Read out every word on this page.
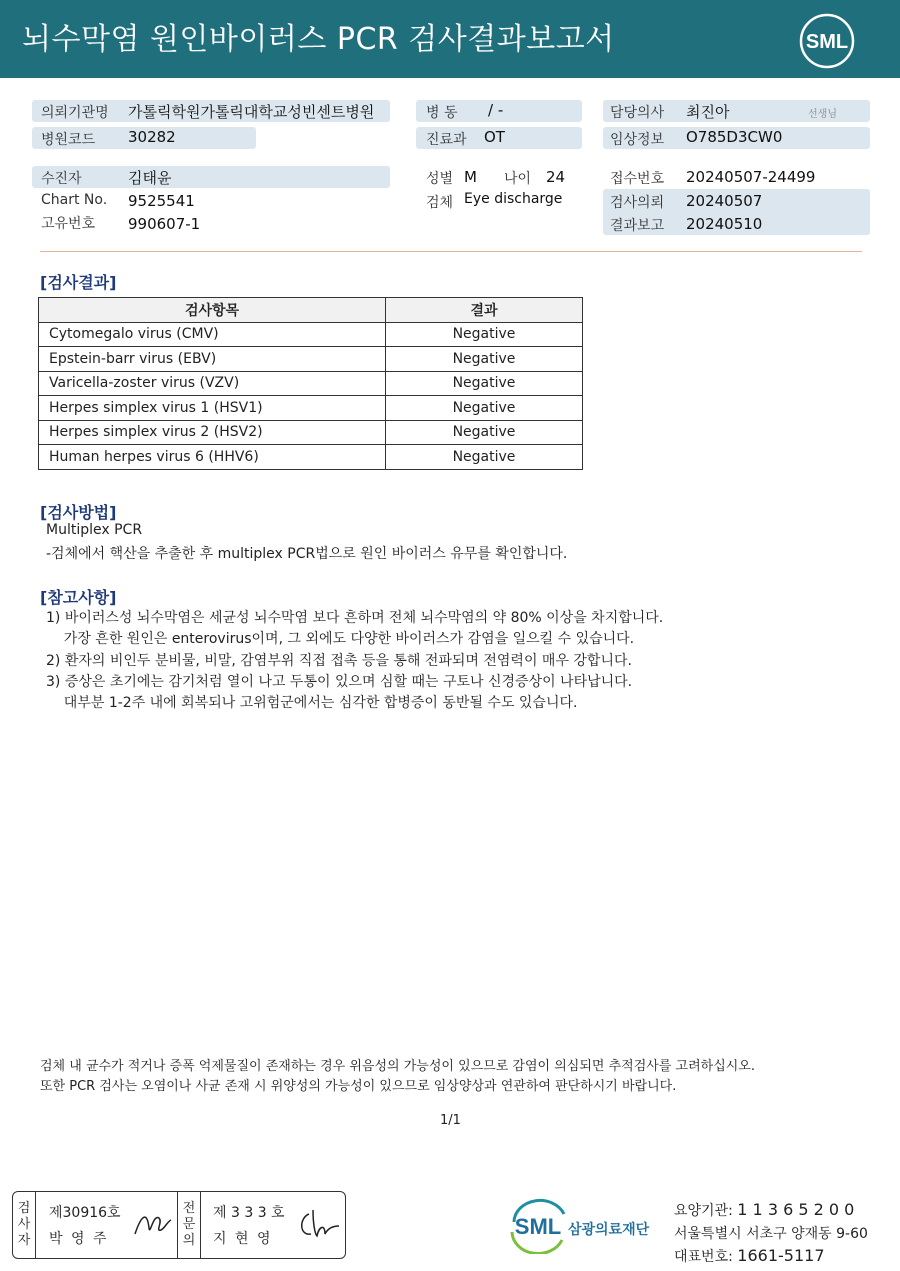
뇌수막염 원인바이러스 PCR 검사결과보고서	SML
의뢰기관명 가톨릭학원가톨릭대학교성빈센트병원
병원코드 30282
병 동 / -
진료과 OT
담당의사 최진아	선생님
임상정보 O785D3CW0
수진자	김태윤
Chart No. 9525541
고유번호 990607-1
성별 M 나이 24
검체 Eye discharge
접수번호 20240507-24499
검사의뢰 20240507
결과보고 20240510
[검사결과]
검사항목	결과
Cytomegalo virus (CMV)	Negative
Epstein-barr virus (EBV)	Negative
Varicella-zoster virus (VZV)	Negative
Herpes simplex virus 1 (HSV1)	Negative
Herpes simplex virus 2 (HSV2)	Negative
Human herpes virus 6 (HHV6)	Negative
[검사방법]
Multiplex PCR
-검체에서 핵산을 추출한 후 multiplex PCR법으로 원인 바이러스 유무를 확인합니다.
[참고사항]
1) 바이러스성 뇌수막염은 세균성 뇌수막염 보다 흔하며 전체 뇌수막염의 약 80% 이상을 차지합니다.
가장 흔한 원인은 enterovirus이며, 그 외에도 다양한 바이러스가 감염을 일으킬 수 있습니다.
2) 환자의 비인두 분비물, 비말, 감염부위 직접 접촉 등을 통해 전파되며 전염력이 매우 강합니다.
3) 증상은 초기에는 감기처럼 열이 나고 두통이 있으며 심할 때는 구토나 신경증상이 나타납니다.
대부분 1-2주 내에 회복되나 고위험군에서는 심각한 합병증이 동반될 수도 있습니다.
검체 내 균수가 적거나 증폭 억제물질이 존재하는 경우 위음성의 가능성이 있으므로 감염이 의심되면 추적검사를 고려하십시오.
또한 PCR 검사는 오염이나 사균 존재 시 위양성의 가능성이 있으므로 임상양상과 연관하여 판단하시기 바랍니다.
1/1
검
사
자
제30916호
박 영 주
전
문
의
제 3 3 3 호
지 현 영	SML 삼광의료재단
요양기관: 1 1 3 6 5 2 0 0
서울특별시 서초구 양재동 9-60
대표번호: 1661-5117
